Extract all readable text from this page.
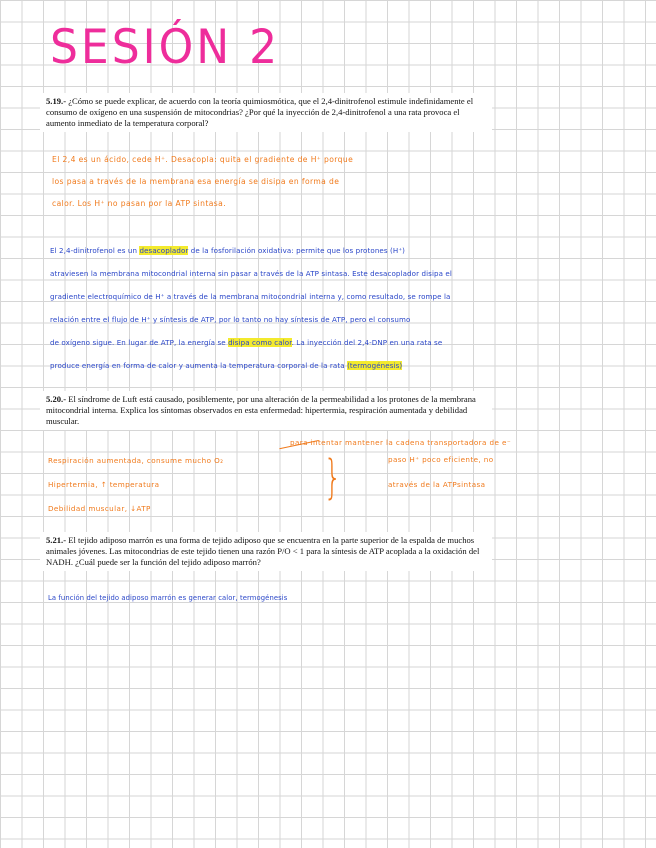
SESIÓN 2
5.19.- ¿Cómo se puede explicar, de acuerdo con la teoría quimiosmótica, que el 2,4-dinitrofenol estimule indefinidamente el consumo de oxígeno en una suspensión de mitocondrias? ¿Por qué la inyección de 2,4-dinitrofenol a una rata provoca el aumento inmediato de la temperatura corporal?
El 2,4 es un ácido, cede H⁺. Desacopla: quita el gradiente de H⁺ porque
los pasa a través de la membrana esa energía se disipa en forma de
calor. Los H⁺ no pasan por la ATP sintasa.
El 2,4-dinitrofenol es un desacoplador de la fosforilación oxidativa: permite que los protones (H⁺)
atraviesen la membrana mitocondrial interna sin pasar a través de la ATP sintasa. Este desacoplador disipa el
gradiente electroquímico de H⁺ a través de la membrana mitocondrial interna y, como resultado, se rompe la
relación entre el flujo de H⁺ y síntesis de ATP, por lo tanto no hay síntesis de ATP, pero el consumo
de oxígeno sigue. En lugar de ATP, la energía se disipa como calor. La inyección del 2,4-DNP en una rata se
produce energía en forma de calor y aumenta la temperatura corporal de la rata (termogénesis)
5.20.- El síndrome de Luft está causado, posiblemente, por una alteración de la permeabilidad a los protones de la membrana mitocondrial interna. Explica los síntomas observados en esta enfermedad: hipertermia, respiración aumentada y debilidad muscular.
Respiración aumentada, consume mucho O₂
Hipertermia, ↑ temperatura
Debilidad muscular, ↓ATP
}
para intentar mantener la cadena transportadora de e⁻
paso H⁺ poco eficiente, no
através de la ATPsintasa
5.21.- El tejido adiposo marrón es una forma de tejido adiposo que se encuentra en la parte superior de la espalda de muchos animales jóvenes. Las mitocondrias de este tejido tienen una razón P/O < 1 para la síntesis de ATP acoplada a la oxidación del NADH. ¿Cuál puede ser la función del tejido adiposo marrón?
La función del tejido adiposo marrón es generar calor, termogénesis
